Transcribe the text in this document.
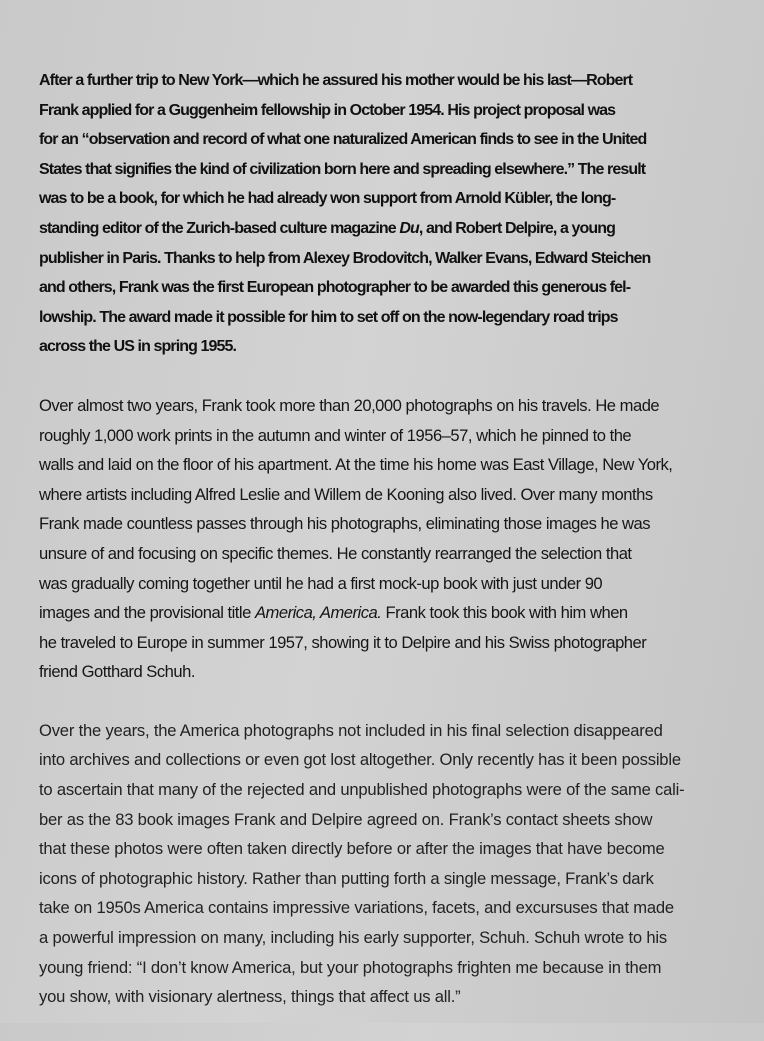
After a further trip to New York—which he assured his mother would be his last—Robert
Frank applied for a Guggenheim fellowship in October 1954. His project proposal was
for an “observation and record of what one naturalized American finds to see in the United
States that signifies the kind of civilization born here and spreading elsewhere.” The result
was to be a book, for which he had already won support from Arnold Kübler, the long-
standing editor of the Zurich-based culture magazine Du, and Robert Delpire, a young
publisher in Paris. Thanks to help from Alexey Brodovitch, Walker Evans, Edward Steichen
and others, Frank was the first European photographer to be awarded this generous fel-
lowship. The award made it possible for him to set off on the now-legendary road trips
across the US in spring 1955.
Over almost two years, Frank took more than 20,000 photographs on his travels. He made
roughly 1,000 work prints in the autumn and winter of 1956–57, which he pinned to the
walls and laid on the floor of his apartment. At the time his home was East Village, New York,
where artists including Alfred Leslie and Willem de Kooning also lived. Over many months
Frank made countless passes through his photographs, eliminating those images he was
unsure of and focusing on specific themes. He constantly rearranged the selection that
was gradually coming together until he had a first mock-up book with just under 90
images and the provisional title America, America. Frank took this book with him when
he traveled to Europe in summer 1957, showing it to Delpire and his Swiss photographer
friend Gotthard Schuh.
Over the years, the America photographs not included in his final selection disappeared
into archives and collections or even got lost altogether. Only recently has it been possible
to ascertain that many of the rejected and unpublished photographs were of the same cali-
ber as the 83 book images Frank and Delpire agreed on. Frank’s contact sheets show
that these photos were often taken directly before or after the images that have become
icons of photographic history. Rather than putting forth a single message, Frank’s dark
take on 1950s America contains impressive variations, facets, and excursuses that made
a powerful impression on many, including his early supporter, Schuh. Schuh wrote to his
young friend: “I don’t know America, but your photographs frighten me because in them
you show, with visionary alertness, things that affect us all.”
